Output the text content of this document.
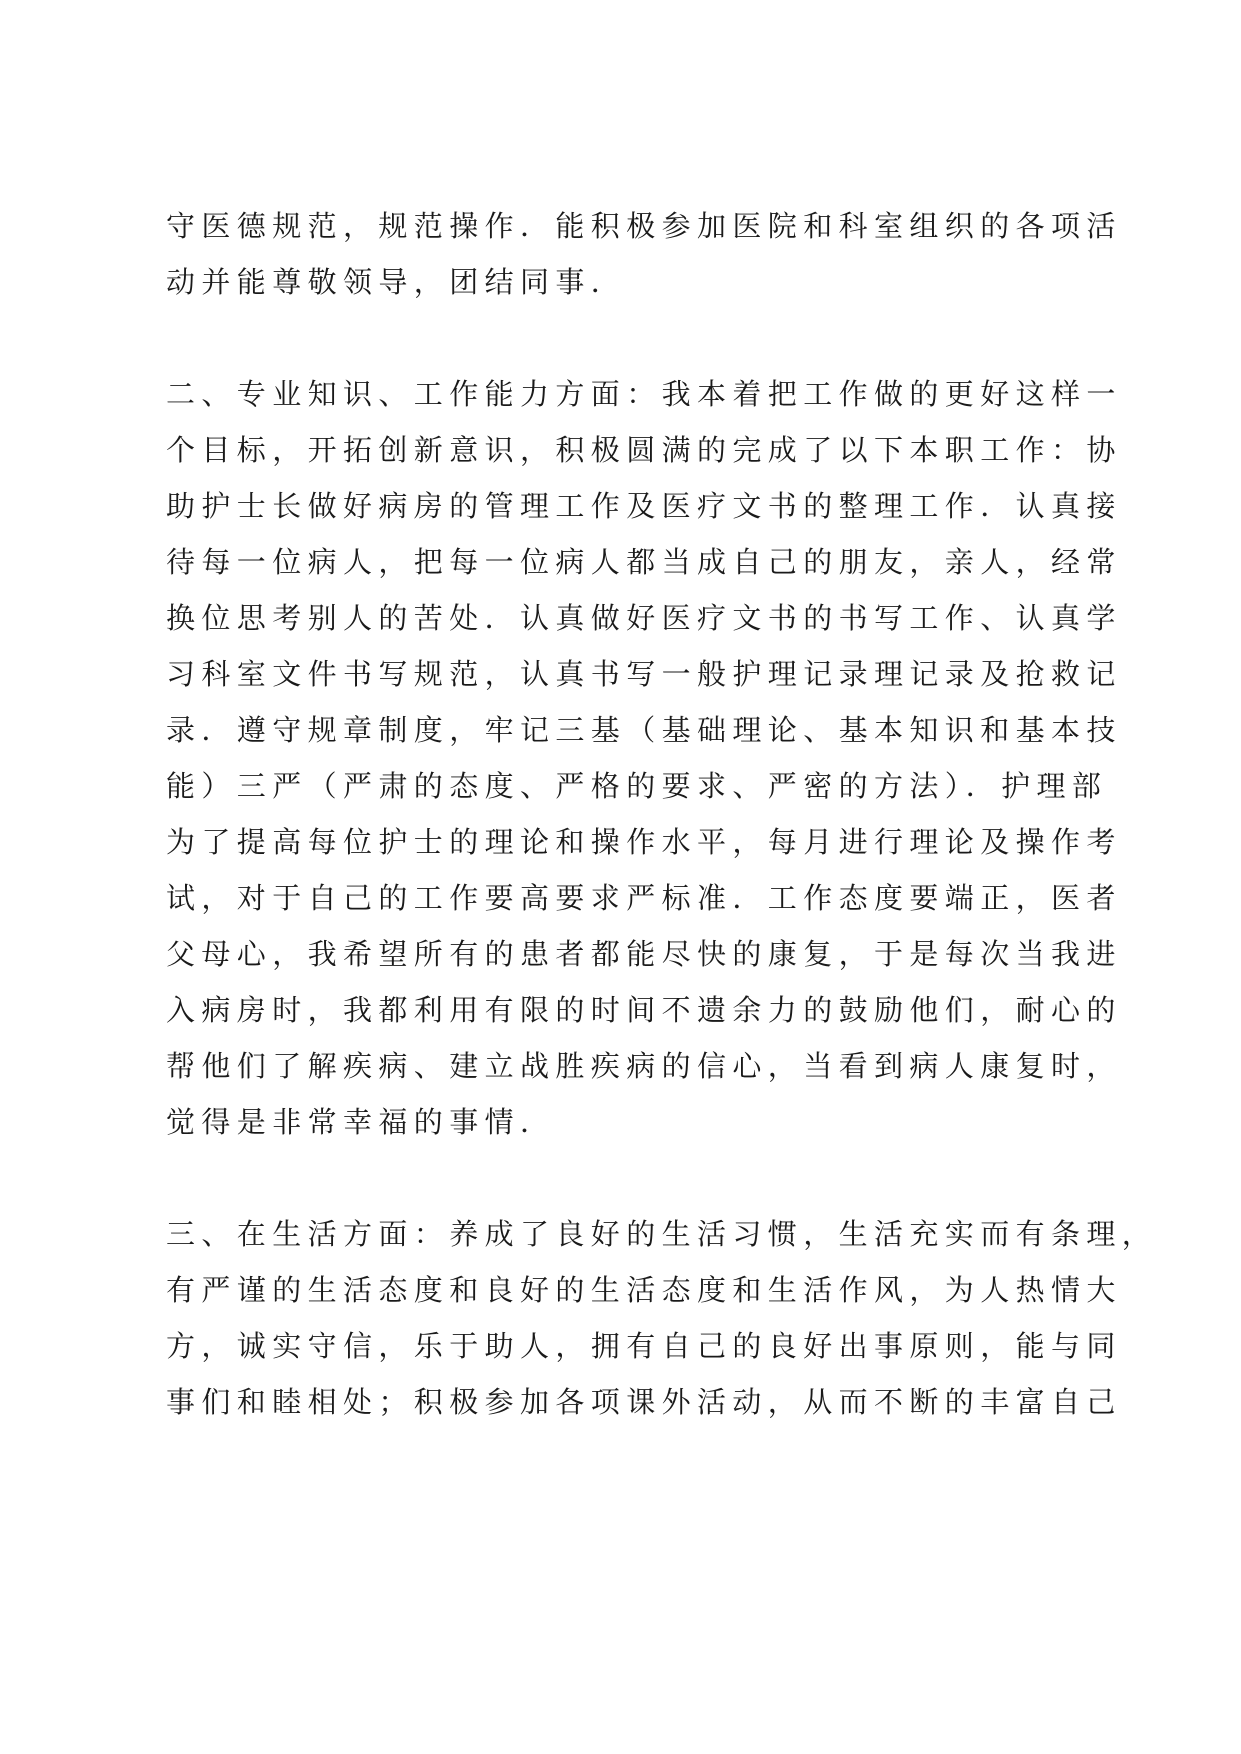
守医德规范，规范操作．能积极参加医院和科室组织的各项活
动并能尊敬领导，团结同事．
二、专业知识、工作能力方面：我本着把工作做的更好这样一
个目标，开拓创新意识，积极圆满的完成了以下本职工作：协
助护士长做好病房的管理工作及医疗文书的整理工作．认真接
待每一位病人，把每一位病人都当成自己的朋友，亲人，经常
换位思考别人的苦处．认真做好医疗文书的书写工作、认真学
习科室文件书写规范，认真书写一般护理记录理记录及抢救记
录．遵守规章制度，牢记三基（基础理论、基本知识和基本技
能）三严（严肃的态度、严格的要求、严密的方法）．护理部
为了提高每位护士的理论和操作水平，每月进行理论及操作考
试，对于自己的工作要高要求严标准．工作态度要端正，医者
父母心，我希望所有的患者都能尽快的康复，于是每次当我进
入病房时，我都利用有限的时间不遗余力的鼓励他们，耐心的
帮他们了解疾病、建立战胜疾病的信心，当看到病人康复时，
觉得是非常幸福的事情．
三、在生活方面：养成了良好的生活习惯，生活充实而有条理，
有严谨的生活态度和良好的生活态度和生活作风，为人热情大
方，诚实守信，乐于助人，拥有自己的良好出事原则，能与同
事们和睦相处；积极参加各项课外活动，从而不断的丰富自己
